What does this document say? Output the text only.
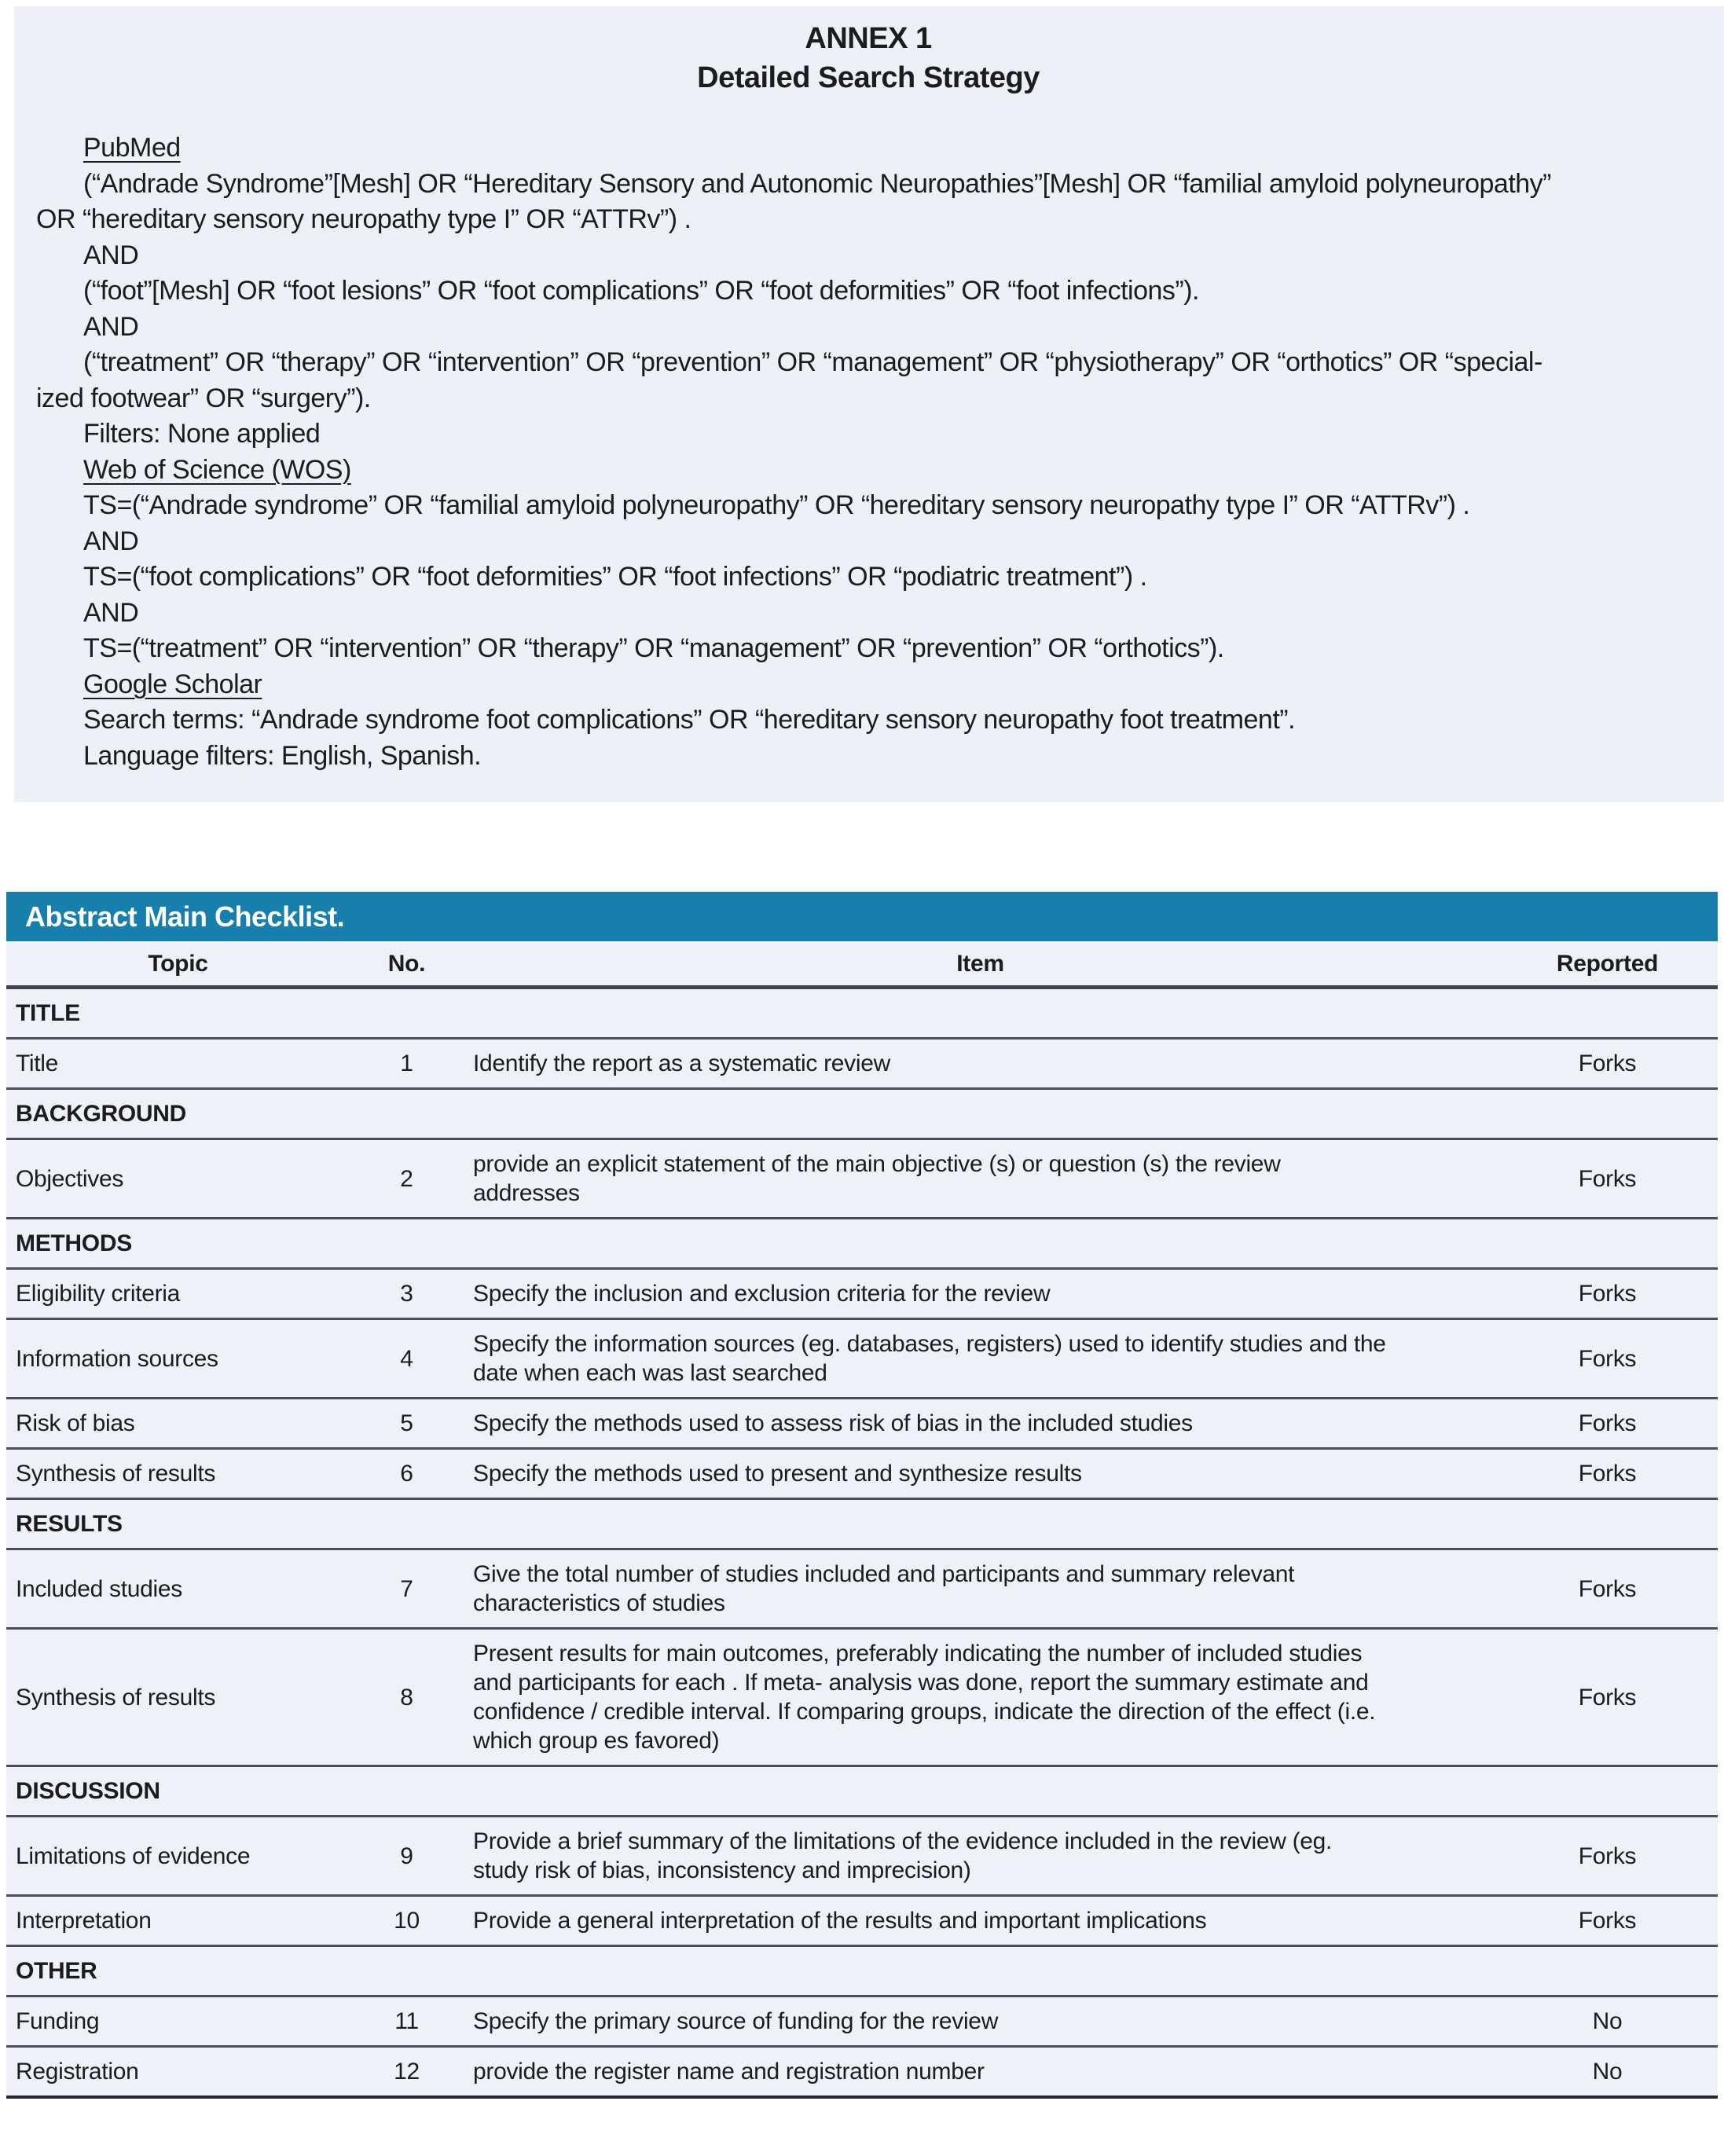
ANNEX 1
Detailed Search Strategy
PubMed
(“Andrade Syndrome”[Mesh] OR “Hereditary Sensory and Autonomic Neuropathies”[Mesh] OR “familial amyloid polyneuropathy”
OR “hereditary sensory neuropathy type I” OR “ATTRv”) .
AND
(“foot”[Mesh] OR “foot lesions” OR “foot complications” OR “foot deformities” OR “foot infections”).
AND
(“treatment” OR “therapy” OR “intervention” OR “prevention” OR “management” OR “physiotherapy” OR “orthotics” OR “special-
ized footwear” OR “surgery”).
Filters: None applied
Web of Science (WOS)
TS=(“Andrade syndrome” OR “familial amyloid polyneuropathy” OR “hereditary sensory neuropathy type I” OR “ATTRv”) .
AND
TS=(“foot complications” OR “foot deformities” OR “foot infections” OR “podiatric treatment”) .
AND
TS=(“treatment” OR “intervention” OR “therapy” OR “management” OR “prevention” OR “orthotics”).
Google Scholar
Search terms: “Andrade syndrome foot complications” OR “hereditary sensory neuropathy foot treatment”.
Language filters: English, Spanish.
Abstract Main Checklist.
Topic	No.	Item	Reported
TITLE			
Title	1	Identify the report as a systematic review	Forks
BACKGROUND			
Objectives	2	provide an explicit statement of the main objective (s) or question (s) the review addresses	Forks
METHODS			
Eligibility criteria	3	Specify the inclusion and exclusion criteria for the review	Forks
Information sources	4	Specify the information sources (eg. databases, registers) used to identify studies and the date when each was last searched	Forks
Risk of bias	5	Specify the methods used to assess risk of bias in the included studies	Forks
Synthesis of results	6	Specify the methods used to present and synthesize results	Forks
RESULTS			
Included studies	7	Give the total number of studies included and participants and summary relevant characteristics of studies	Forks
Synthesis of results	8	Present results for main outcomes, preferably indicating the number of included studies and participants for each . If meta- analysis was done, report the summary estimate and confidence / credible interval. If comparing groups, indicate the direction of the effect (i.e. which group es favored)	Forks
DISCUSSION			
Limitations of evidence	9	Provide a brief summary of the limitations of the evidence included in the review (eg. study risk of bias, inconsistency and imprecision)	Forks
Interpretation	10	Provide a general interpretation of the results and important implications	Forks
OTHER			
Funding	11	Specify the primary source of funding for the review	No
Registration	12	provide the register name and registration number	No
